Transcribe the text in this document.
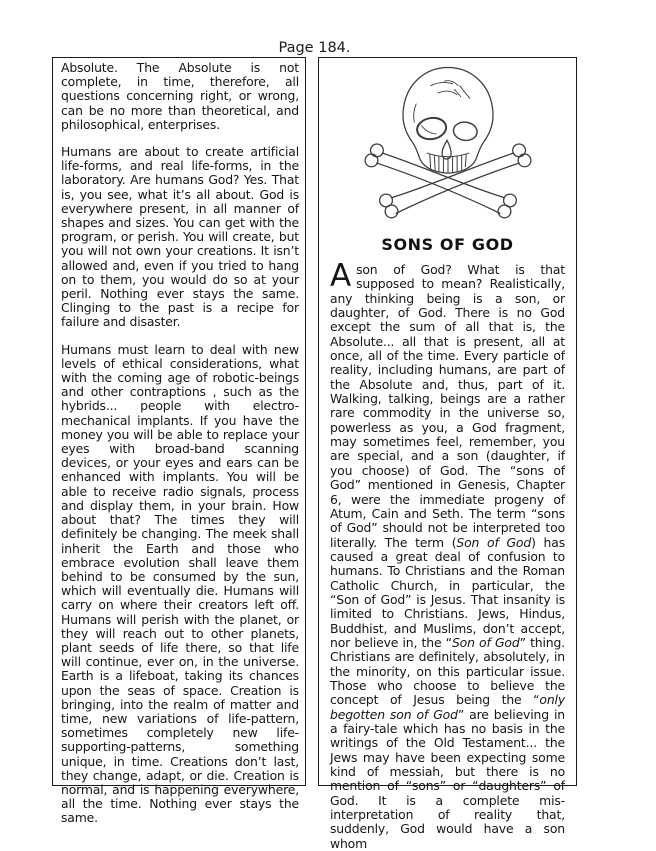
Page 184.

Absolute. The Absolute is not complete, in time, therefore, all questions concerning right, or wrong, can be no more than theoretical, and philosophical, enterprises.

Humans are about to create artificial life-forms, and real life-forms, in the laboratory. Are humans God? Yes. That is, you see, what it’s all about. God is everywhere present, in all manner of shapes and sizes. You can get with the program, or perish. You will create, but you will not own your creations. It isn’t allowed and, even if you tried to hang on to them, you would do so at your peril. Nothing ever stays the same. Clinging to the past is a recipe for failure and disaster.

Humans must learn to deal with new levels of ethical considerations, what with the coming age of robotic-beings and other contraptions , such as the hybrids... people with electro-mechanical implants. If you have the money you will be able to replace your eyes with broad-band scanning devices, or your eyes and ears can be enhanced with implants. You will be able to receive radio signals, process and display them, in your brain. How about that? The times they will definitely be changing. The meek shall inherit the Earth and those who embrace evolution shall leave them behind to be consumed by the sun, which will eventually die. Humans will carry on where their creators left off. Humans will perish with the planet, or they will reach out to other planets, plant seeds of life there, so that life will continue, ever on, in the universe. Earth is a lifeboat, taking its chances upon the seas of space. Creation is bringing, into the realm of matter and time, new variations of life-pattern, sometimes completely new life-supporting-patterns, something unique, in time. Creations don’t last, they change, adapt, or die. Creation is normal, and is happening everywhere, all the time. Nothing ever stays the same.

SONS OF GOD
Ason of God? What is that supposed to mean? Realistically, any thinking being is a son, or daughter, of God. There is no God except the sum of all that is, the Absolute... all that is present, all at once, all of the time. Every particle of reality, including humans, are part of the Absolute and, thus, part of it. Walking, talking, beings are a rather rare commodity in the universe so, powerless as you, a God fragment, may sometimes feel, remember, you are special, and a son (daughter, if you choose) of God. The “sons of God” mentioned in Genesis, Chapter 6, were the immediate progeny of Atum, Cain and Seth. The term “sons of God” should not be interpreted too literally. The term (Son of God) has caused a great deal of confusion to humans. To Christians and the Roman Catholic Church, in particular, the “Son of God” is Jesus. That insanity is limited to Christians. Jews, Hindus, Buddhist, and Muslims, don’t accept, nor believe in, the “Son of God” thing. Christians are definitely, absolutely, in the minority, on this particular issue. Those who choose to believe the concept of Jesus being the “only begotten son of God” are believing in a fairy-tale which has no basis in the writings of the Old Testament... the Jews may have been expecting some kind of messiah, but there is no mention of “sons” or “daughters” of God. It is a complete mis-interpretation of reality that, suddenly, God would have a son whom
